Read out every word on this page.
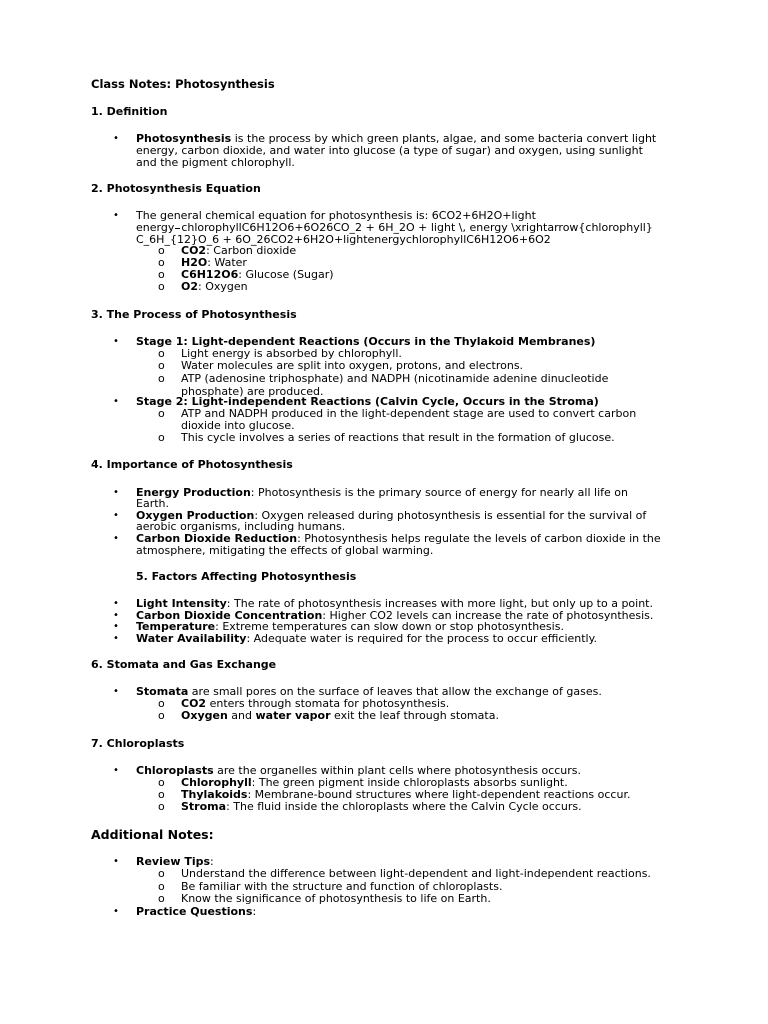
Class Notes: Photosynthesis
1. Definition
• Photosynthesis is the process by which green plants, algae, and some bacteria convert light
energy, carbon dioxide, and water into glucose (a type of sugar) and oxygen, using sunlight
and the pigment chlorophyll.
2. Photosynthesis Equation
• The general chemical equation for photosynthesis is: 6CO2+6H2O+light
energy chlorophyllC6H12O6+6O26CO_2 + 6H_2O + light \, energy \xrightarrow{chlorophyll}
C_6H_{12}O_6 + 6O_26CO2+6H2O+lightenergychlorophyllC6H12O6+6O2
o CO2: Carbon dioxide
o H2O: Water
o C6H12O6: Glucose (Sugar)
o O2: Oxygen
3. The Process of Photosynthesis
• Stage 1: Light-dependent Reactions (Occurs in the Thylakoid Membranes)
o Light energy is absorbed by chlorophyll.
o Water molecules are split into oxygen, protons, and electrons.
o ATP (adenosine triphosphate) and NADPH (nicotinamide adenine dinucleotide
phosphate) are produced.
• Stage 2: Light-independent Reactions (Calvin Cycle, Occurs in the Stroma)
o ATP and NADPH produced in the light-dependent stage are used to convert carbon
dioxide into glucose.
o This cycle involves a series of reactions that result in the formation of glucose.
4. Importance of Photosynthesis
• Energy Production: Photosynthesis is the primary source of energy for nearly all life on
Earth.
• Oxygen Production: Oxygen released during photosynthesis is essential for the survival of
aerobic organisms, including humans.
• Carbon Dioxide Reduction: Photosynthesis helps regulate the levels of carbon dioxide in the
atmosphere, mitigating the effects of global warming.
5. Factors Affecting Photosynthesis
• Light Intensity: The rate of photosynthesis increases with more light, but only up to a point.
• Carbon Dioxide Concentration: Higher CO2 levels can increase the rate of photosynthesis.
• Temperature: Extreme temperatures can slow down or stop photosynthesis.
• Water Availability: Adequate water is required for the process to occur efficiently.
6. Stomata and Gas Exchange
• Stomata are small pores on the surface of leaves that allow the exchange of gases.
o CO2 enters through stomata for photosynthesis.
o Oxygen and water vapor exit the leaf through stomata.
7. Chloroplasts
• Chloroplasts are the organelles within plant cells where photosynthesis occurs.
o Chlorophyll: The green pigment inside chloroplasts absorbs sunlight.
o Thylakoids: Membrane-bound structures where light-dependent reactions occur.
o Stroma: The fluid inside the chloroplasts where the Calvin Cycle occurs.
Additional Notes:
• Review Tips:
o Understand the difference between light-dependent and light-independent reactions.
o Be familiar with the structure and function of chloroplasts.
o Know the significance of photosynthesis to life on Earth.
• Practice Questions:
